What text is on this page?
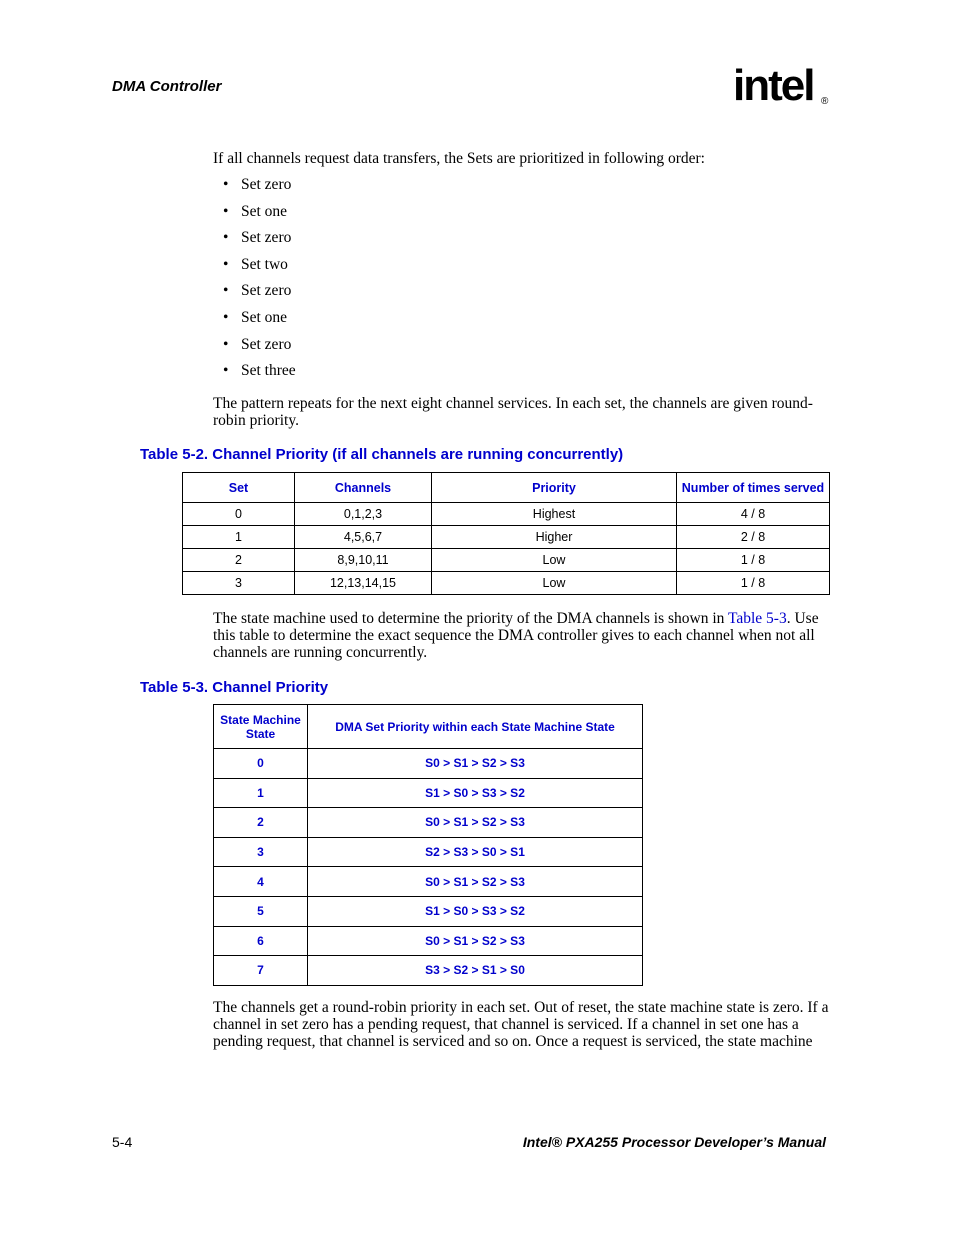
DMA Controller	intel ®
If all channels request data transfers, the Sets are prioritized in following order:
• Set zero
• Set one
• Set zero
• Set two
• Set zero
• Set one
• Set zero
• Set three
The pattern repeats for the next eight channel services. In each set, the channels are given round-robin priority.
Table 5-2. Channel Priority (if all channels are running concurrently)
Set	Channels	Priority	Number of times served
0	0,1,2,3	Highest	4 / 8
1	4,5,6,7	Higher	2 / 8
2	8,9,10,11	Low	1 / 8
3	12,13,14,15	Low	1 / 8
The state machine used to determine the priority of the DMA channels is shown in Table 5-3. Use this table to determine the exact sequence the DMA controller gives to each channel when not all channels are running concurrently.
Table 5-3. Channel Priority
State Machine State	DMA Set Priority within each State Machine State
0	S0 > S1 > S2 > S3
1	S1 > S0 > S3 > S2
2	S0 > S1 > S2 > S3
3	S2 > S3 > S0 > S1
4	S0 > S1 > S2 > S3
5	S1 > S0 > S3 > S2
6	S0 > S1 > S2 > S3
7	S3 > S2 > S1 > S0
The channels get a round-robin priority in each set. Out of reset, the state machine state is zero. If a channel in set zero has a pending request, that channel is serviced. If a channel in set one has a pending request, that channel is serviced and so on. Once a request is serviced, the state machine
5-4	Intel® PXA255 Processor Developer’s Manual
